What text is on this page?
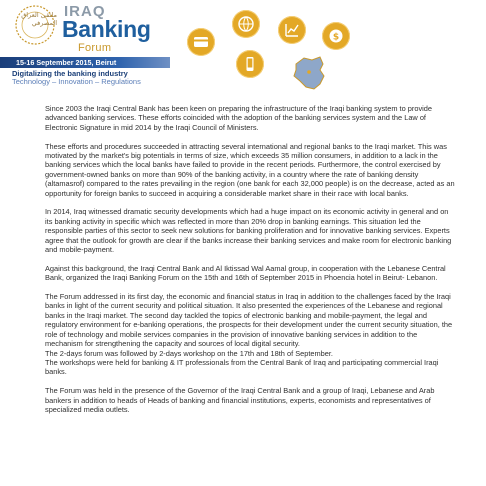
ملتقى العراق المصرفي
IRAQ
Banking
Forum
15-16 September 2015, Beirut
Digitalizing the banking industry
Technology – Innovation – Regulations
$

Since 2003 the Iraqi Central Bank has been keen on preparing the infrastructure of the Iraqi banking system to provide advanced banking services. These efforts coincided with the adoption of the banking services system and the Law of Electronic Signature in mid 2014 by the Iraqi Council of Ministers.

These efforts and procedures succeeded in attracting several international and regional banks to the Iraqi market. This was motivated by the market's big potentials in terms of size, which exceeds 35 million consumers, in addition to a lack in the banking services which the local banks have failed to provide in the recent periods. Furthermore, the control exercised by government-owned banks on more than 90% of the banking activity, in a country where the rate of banking density (altamasrof) compared to the rates prevailing in the region (one bank for each 32,000 people) is on the decrease, acted as an opportunity for foreign banks to succeed in acquiring a considerable market share in their race with local banks.

In 2014, Iraq witnessed dramatic security developments which had a huge impact on its economic activity in general and on its banking activity in specific which was reflected in more than 20% drop in banking earnings. This situation led the responsible parties of this sector to seek new solutions for banking proliferation and for innovative banking services. Experts agree that the outlook for growth are clear if the banks increase their banking services and make room for electronic banking and mobile-payment.

Against this background, the Iraqi Central Bank and Al Iktissad Wal Aamal group, in cooperation with the Lebanese Central Bank, organized the Iraqi Banking Forum on the 15th and 16th of September 2015 in Phoencia hotel in Beirut- Lebanon.

The Forum addressed in its first day, the economic and financial status in Iraq in addition to the challenges faced by the Iraqi banks in light of the current security and political situation. It also presented the experiences of the Lebanese and regional banks in the Iraqi market. The second day tackled the topics of electronic banking and mobile-payment, the legal and regulatory environment for e-banking operations, the prospects for their development under the current security situation, the role of technology and mobile services companies in the provision of innovative banking services in addition to the mechanism for strengthening the capacity and sources of local digital security.
The 2-days forum was followed by 2-days workshop on the 17th and 18th of September.
The workshops were held for banking & IT professionals from the Central Bank of Iraq and participating commercial Iraqi banks.

The Forum was held in the presence of the Governor of the Iraqi Central Bank and a group of Iraqi, Lebanese and Arab bankers in addition to heads of Heads of banking and financial institutions, experts, economists and representatives of specialized media outlets.
